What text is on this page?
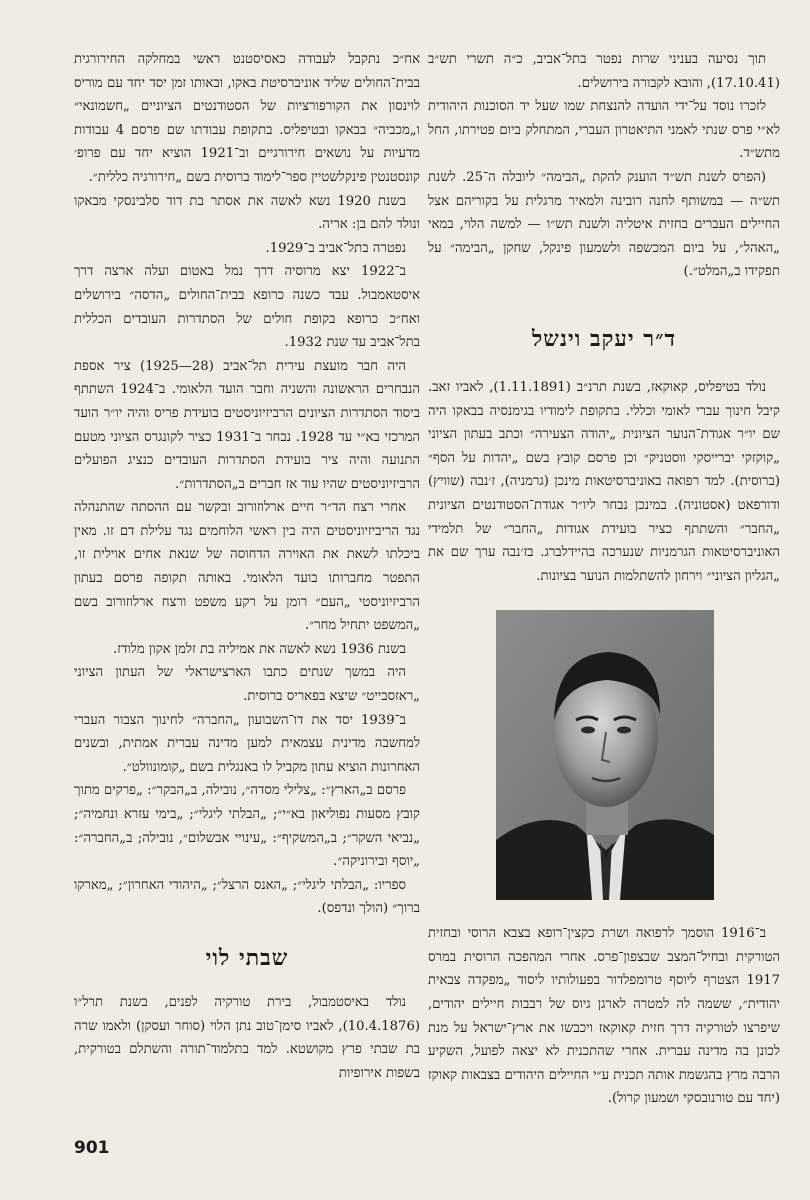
תוך נסיעה בעניני שרות נפטר בתל־אביב, כ״ה תשרי תש״ב (17.10.41), והובא לקבורה בירושלים.

לזכרו נוסד על־ידי הועדה להנצחת שמו שעל יד הסוכנות היהודית לא״י פרס שנתי לאמני התיאטרון העברי, המתחלק ביום פטירתו, החל מתש״ד.

(הפרס לשנת תש״ד הוענק להקת „הבימה״ ליובלה ה־25. לשנת תש״ה — במשותף לחנה רובינה ולמאיר מרגלית על בקוריהם אצל החיילים העברים בחזית איטליה ולשנת תש״ו — למשה הלוי, במאי „האהל״, על ביום המכשפה ולשמעון פינקל, שחקן „הבימה״ על תפקידו ב„המלט״.)

ד״ר יעקב וינשל

נולד בטיפליס, קאוקאז, בשנת תרנ״ב (1.11.1891), לאביו זאב. קיבל חינוך עברי לאומי וכללי. בתקופת לימודיו בגימנסיה בבאקו היה שם יו״ר אגודת־הנוער הציונית „יהודה הצעירה״ וכתב בעתון הציוני „קוקזקי יברייסקי ווסטניק״ וכן פרסם קובץ בשם „יהדות על הסף״ (ברוסית). למד רפואה באוניברסיטאות מינכן (גרמניה), ז׳נבה (שוויץ) ודורפאט (אסטוניה). במינכן נבחר ליו״ר אגודת־הסטודנטים הציונית „החבר״ והשתתף כציר בועידת אגודות „החבר״ של תלמידי האוניברסיטאות הגרמניות שנערכה בהיידלברג. בז׳נבה ערך שם את „הגליון הציוני״ וירחון להשתלמות הנוער בציונות.

ב־1916 הוסמך לרפואה ושרת כקצין־רופא בצבא הרוסי ובחזית הטורקית ובחיל־המצב שבצפון־פרס. אחרי המהפכה הרוסית במרס 1917 הצטרף ליוסף טרומפלדור בפעולותיו ליסוד „מפקדה צבאית יהודית״, ששמה לה למטרה לארגן גיוס של רבבות חיילים יהודים, שיפרצו לטורקיה דרך חזית קאוקאז ויכבשו את ארץ־ישראל על מנת לכונן בה מדינה עברית. אחרי שהתכנית לא יצאה לפועל, השקיע הרבה מרץ בהגשמת אותה תכנית ע״י החיילים היהודים בצבאות קאוקז (יחד עם טורנובסקי ושמעון קרול).

אח״כ נתקבל לעבודה כאסיסטנט ראשי במחלקה החירורגית בבית־החולים שליד אוניברסיטת באקו, ובאותו זמן יסד יחד עם מוריס לוינסון את הקורפורציות של הסטודנטים הציוניים „חשמונאי״ ו„מכביה״ בבאקו ובטיפליס. בתקופת עבודתו שם פרסם 4 עבודות מדעיות על נושאים חירורגיים וב־1921 הוציא יחד עם פרופ׳ קונסטנטין פינקלשטיין ספר־לימוד ברוסית בשם „חירורגיה כללית״.

בשנת 1920 נשא לאשה את אסתר בת דוד סלבינסקי מבאקו ונולד להם בן: אריה.

נפטרה בתל־אביב ב־1929.

ב־1922 יצא מרוסיה דרך נמל באטום ועלה ארצה דרך איסטאמבול. עבד כשנה כרופא בבית־החולים „הדסה״ בירושלים ואח״כ כרופא בקופת חולים של הסתדרות העובדים הכללית בתל־אביב עד שנת 1932.

היה חבר מועצת עירית תל־אביב (28—1925) ציר אספת הנבחרים הראשונה והשניה וחבר הועד הלאומי. ב־1924 השתתף ביסוד הסתדרות הציונים הרביזיוניסטים בועידת פריס והיה יו״ר הועד המרכזי בא״י עד 1928. נבחר ב־1931 כציר לקונגרס הציוני מטעם התנועה והיה ציר בועידת הסתדרות העובדים כנציג הפועלים הרביזיוניסטים שהיו עוד אז חברים ב„הסתדרות״.

אחרי רצח הד״ר חיים ארלוזורוב ובקשר עם ההסתה שהתנהלה נגד הריביזיוניסטים היה בין ראשי הלוחמים נגד עלילת דם זו. מאין ביכלתו לשאת את האוירה הדחוסה של שנאת אחים אוילית זו, התפטר מחברותו בועד הלאומי. באותה תקופה פרסם בעתון הרביזיוניסטי „העם״ רומן על רקע משפט ורצח ארלוזורוב בשם „המשפט יתחיל מחר״.

בשנת 1936 נשא לאשה את אמיליה בת זלמן אקון מלודז.

היה במשך שנתים כתבו הארצישראלי של העתון הציוני „ראזסבייט״ שיצא בפאריס ברוסית.

ב־1939 יסד את דו־השבועון „החברה״ לחינוך הצבור העברי למחשבה מדינית עצמאית למען מדינה עברית אמתית, ובשנים האחרונות הוציא עתון מקביל לו באנגלית בשם „קומונוולט״.

פרסם ב„הארץ״: „צלילי מסדה״, נובילה, ב„הבקר״: „פרקים מתוך קובץ מסעות נפוליאון בא״י״; „הבלתי ליגלי״; „בימי עזרא ונחמיה״; „נביאי השקר״; ב„המשקיף״: „עינויי אבשלום״, נובילה; ב„החברה״: „יוסף ובירוניקה״.

ספריו: „הבלתי ליגלי״; „האנס הרצל״; „היהודי האחרון״; „מארקו ברוך״ (הולך ונדפס).

שבתי לוי

נולד באיסטמבול, בירת טורקיה לפנים, בשנת תרל״ו (10.4.1876), לאביו סימן־טוב נתן הלוי (סוחר ועסקן) ולאמו שרה בת שבתי פרץ מקושטא. למד בתלמוד־תורה והשתלם בטורקית, בשפות אירופיות

901
